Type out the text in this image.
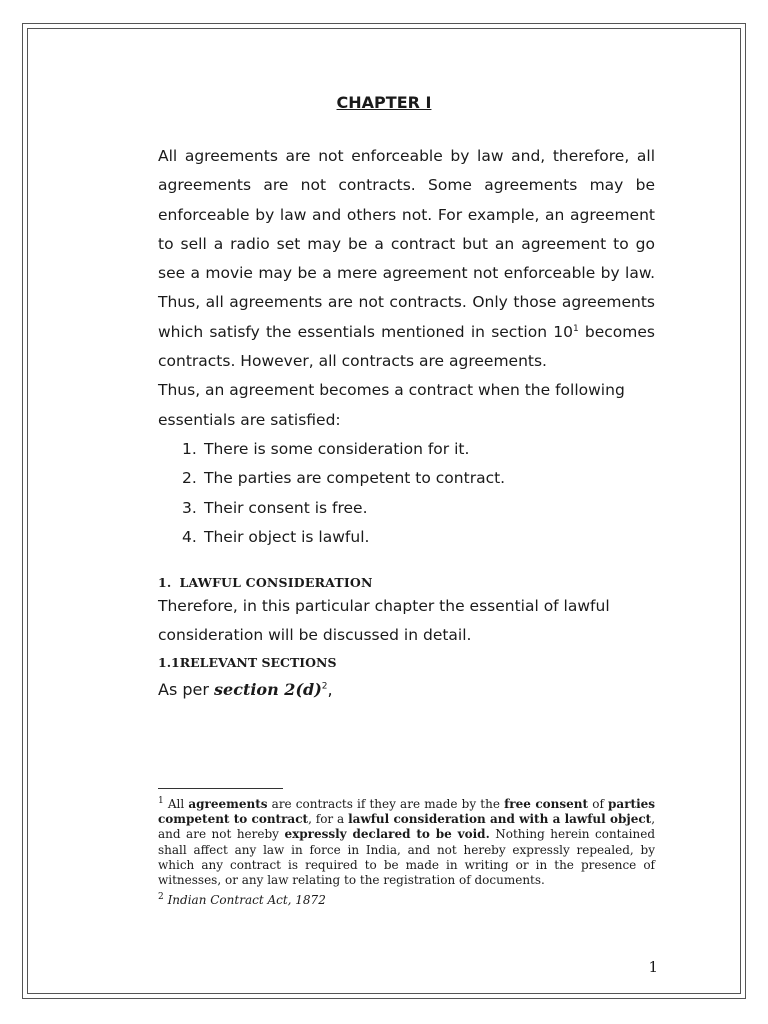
CHAPTER I

All agreements are not enforceable by law and, therefore, all agreements are not contracts. Some agreements may be enforceable by law and others not. For example, an agreement to sell a radio set may be a contract but an agreement to go see a movie may be a mere agreement not enforceable by law. Thus, all agreements are not contracts. Only those agreements which satisfy the essentials mentioned in section $10^1$ becomes contracts. However, all contracts are agreements.

Thus, an agreement becomes a contract when the following essentials are satisfied:

1. There is some consideration for it.
2. The parties are competent to contract.
3. Their consent is free.
4. Their object is lawful.
1. LAWFUL CONSIDERATION

Therefore, in this particular chapter the essential of lawful consideration will be discussed in detail.

1.1RELEVANT SECTIONS

As per section $2(d)^2$,

$^1$ All agreements are contracts if they are made by the free consent of parties competent to contract, for a lawful consideration and with a lawful object, and are not hereby expressly declared to be void. Nothing herein contained shall affect any law in force in India, and not hereby expressly repealed, by which any contract is required to be made in writing or in the presence of witnesses, or any law relating to the registration of documents.

$^2$ Indian Contract Act, 1872

1
